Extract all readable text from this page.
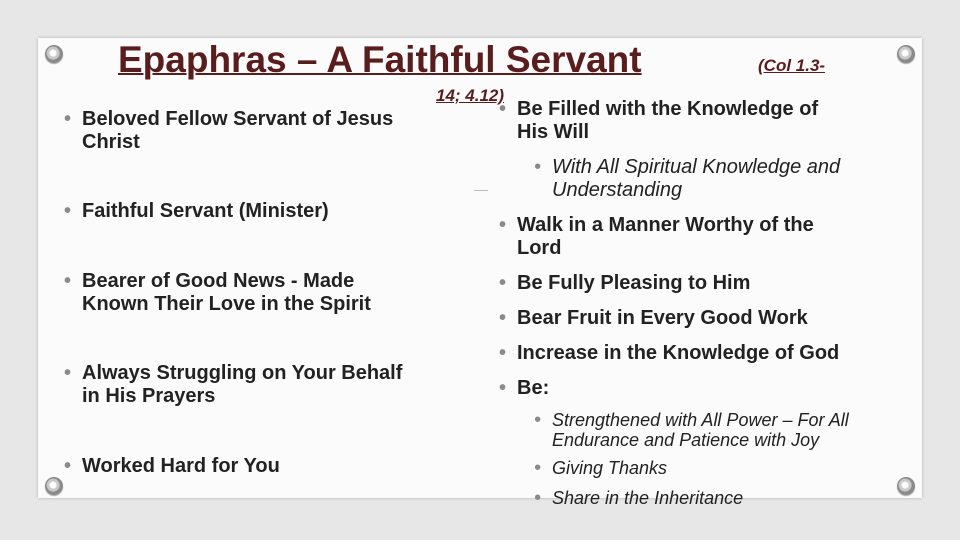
Epaphras – A Faithful Servant	(Col 1.3-
14; 4.12)
• Beloved Fellow Servant of Jesus
Christ
• Faithful Servant (Minister)
• Bearer of Good News - Made
Known Their Love in the Spirit
• Always Struggling on Your Behalf
in His Prayers
• Worked Hard for You
• Be Filled with the Knowledge of
His Will
• With All Spiritual Knowledge and
Understanding
• Walk in a Manner Worthy of the
Lord
• Be Fully Pleasing to Him
• Bear Fruit in Every Good Work
• Increase in the Knowledge of God
• Be:
• Strengthened with All Power – For All
Endurance and Patience with Joy
• Giving Thanks
• Share in the Inheritance
